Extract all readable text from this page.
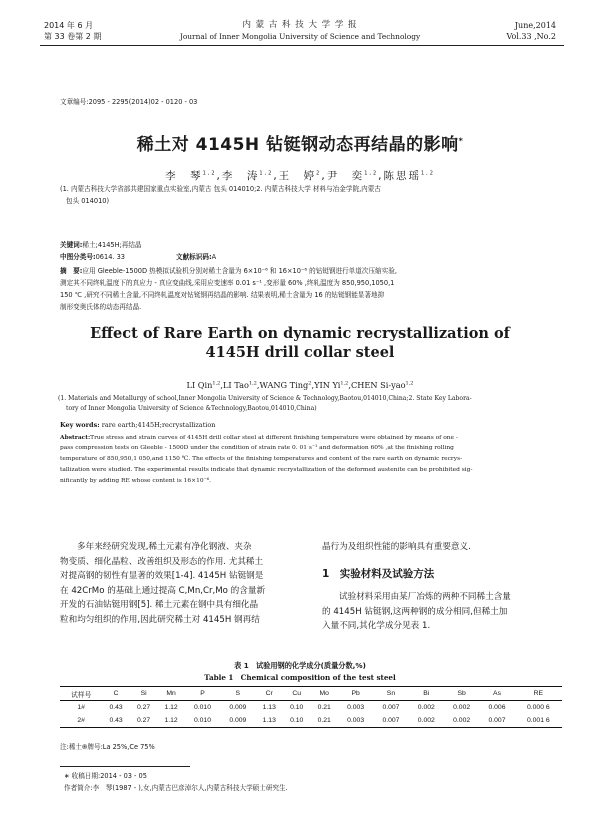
2014 年 6 月
第 33 卷第 2 期
内 蒙 古 科 技 大 学 学 报
Journal of Inner Mongolia University of Science and Technology
June,2014
Vol.33 ,No.2
文章编号:2095 - 2295(2014)02 - 0120 - 03
稀土对 4145H 钻铤钢动态再结晶的影响*
李　琴$^{1,2}$,李　涛$^{1,2}$,王　婷$^2$,尹　奕$^{1,2}$,陈思瑶$^{1,2}$
(1. 内蒙古科技大学省部共建国家重点实验室,内蒙古 包头 014010;2. 内蒙古科技大学 材料与冶金学院,内蒙古
包头 014010)
关键词:稀土;4145H;再结晶
中图分类号:0614. 33	文献标识码:A
摘　要:应用 Gleeble-1500D 热模拟试验机分别对稀土含量为 6×10⁻⁶ 和 16×10⁻⁶ 的钻铤钢进行单道次压缩实验,
测定其不同终轧温度下的真应力 - 真应变曲线,采用应变速率 0.01 s⁻¹ ,变形量 60% ,终轧温度为 850,950,1050,1
150 ℃ ,研究不同稀土含量,不同终轧温度对钻铤钢再结晶的影响. 结果表明,稀土含量为 16 的钻铤钢能显著地抑
制形变奥氏体的动态再结晶.
Effect of Rare Earth on dynamic recrystallization of
4145H drill collar steel
LI Qin$^{1,2}$,LI Tao$^{1,2}$,WANG Ting$^2$,YIN Yi$^{1,2}$,CHEN Si-yao$^{1,2}$
(1. Materials and Metallurgy of school,Inner Mongolia University of Science & Technology,Baotou,014010,China;2. State Key Labora-
tory of Inner Mongolia University of Science &Technology,Baotou,014010,China)
Key words: rare earth;4145H;recrystallization
Abstract:True stress and strain curves of 4145H drill collar steel at different finishing temperature were obtained by means of one -
pass compression tests on Gleeble - 1500D under the condition of strain rate 0. 01 s⁻¹ and deformation 60% ,at the finishing rolling
temperature of 850,950,1 050,and 1150 ℃. The effects of the finishing temperatures and content of the rare earth on dynamic recrys-
tallization were studied. The experimental results indicate that dynamic recrystallization of the deformed austenite can be prohibited sig-
nificantly by adding RE whose content is 16×10⁻⁶.
多年来经研究发现,稀土元素有净化钢液、夹杂
物变质、细化晶粒、改善组织及形态的作用. 尤其稀土
对提高钢的韧性有显著的效果[1-4]. 4145H 钻铤钢是
在 42CrMo 的基础上通过提高 C,Mn,Cr,Mo 的含量新
开发的石油钻铤用钢[5]. 稀土元素在钢中具有细化晶
粒和均匀组织的作用,因此研究稀土对 4145H 钢再结
晶行为及组织性能的影响具有重要意义.
1　实验材料及试验方法
试验材料采用由某厂冶炼的两种不同稀土含量
的 4145H 钻铤钢,这两种钢的成分相同,但稀土加
入量不同,其化学成分见表 1.
表 1　试验用钢的化学成分(质量分数,%)
Table 1　Chemical composition of the test steel
试样号	C	Si	Mn	P	S	Cr	Cu	Mo	Pb	Sn	Bi	Sb	As	RE
1#	0.43	0.27	1.12	0.010	0.009	1.13	0.10	0.21	0.003	0.007	0.002	0.002	0.006	0.000 6
2#	0.43	0.27	1.12	0.010	0.009	1.13	0.10	0.21	0.003	0.007	0.002	0.002	0.007	0.001 6
注:稀土֎牌号:La 25%,Ce 75%
∗ 收稿日期:2014 - 03 - 05
作者简介:李　琴(1987 - ),女,内蒙古巴彦淖尔人,内蒙古科技大学硕士研究生.
